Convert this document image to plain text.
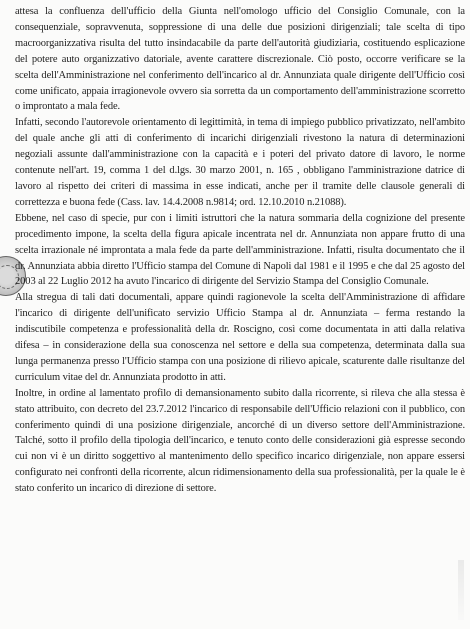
attesa la confluenza dell'ufficio della Giunta nell'omologo ufficio del Consiglio Comunale, con la consequenziale, sopravvenuta, soppressione di una delle due posizioni dirigenziali; tale scelta di tipo macroorganizzativa risulta del tutto insindacabile da parte dell'autorità giudiziaria, costituendo esplicazione del potere auto organizzativo datoriale, avente carattere discrezionale. Ciò posto, occorre verificare se la scelta dell'Amministrazione nel conferimento dell'incarico al dr. Annunziata quale dirigente dell'Ufficio così come unificato, appaia irragionevole ovvero sia sorretta da un comportamento dell'amministrazione scorretto o improntato a mala fede.

Infatti, secondo l'autorevole orientamento di legittimità, in tema di impiego pubblico privatizzato, nell'ambito del quale anche gli atti di conferimento di incarichi dirigenziali rivestono la natura di determinazioni negoziali assunte dall'amministrazione con la capacità e i poteri del privato datore di lavoro, le norme contenute nell'art. 19, comma 1 del d.lgs. 30 marzo 2001, n. 165 , obbligano l'amministrazione datrice di lavoro al rispetto dei criteri di massima in esse indicati, anche per il tramite delle clausole generali di correttezza e buona fede (Cass. lav. 14.4.2008 n.9814; ord. 12.10.2010 n.21088).

Ebbene, nel caso di specie, pur con i limiti istruttori che la natura sommaria della cognizione del presente procedimento impone, la scelta della figura apicale incentrata nel dr. Annunziata non appare frutto di una scelta irrazionale né improntata a mala fede da parte dell'amministrazione. Infatti, risulta documentato che il dr. Annunziata abbia diretto l'Ufficio stampa del Comune di Napoli dal 1981 e il 1995 e che dal 25 agosto del 2003 al 22 Luglio 2012 ha avuto l'incarico di dirigente del Servizio Stampa del Consiglio Comunale.

Alla stregua di tali dati documentali, appare quindi ragionevole la scelta dell'Amministrazione di affidare l'incarico di dirigente dell'unificato servizio Ufficio Stampa al dr. Annunziata – ferma restando la indiscutibile competenza e professionalità della dr. Roscigno, così come documentata in atti dalla relativa difesa – in considerazione della sua conoscenza nel settore e della sua competenza, determinata dalla sua lunga permanenza presso l'Ufficio stampa con una posizione di rilievo apicale, scaturente dalle risultanze del curriculum vitae del dr. Annunziata prodotto in atti.

Inoltre, in ordine al lamentato profilo di demansionamento subito dalla ricorrente, si rileva che alla stessa è stato attribuito, con decreto del 23.7.2012 l'incarico di responsabile dell'Ufficio relazioni con il pubblico, con conferimento quindi di una posizione dirigenziale, ancorché di un diverso settore dell'Amministrazione. Talché, sotto il profilo della tipologia dell'incarico, e tenuto conto delle considerazioni già espresse secondo cui non vi è un diritto soggettivo al mantenimento dello specifico incarico dirigenziale, non appare essersi configurato nei confronti della ricorrente, alcun ridimensionamento della sua professionalità, per la quale le è stato conferito un incarico di direzione di settore.
